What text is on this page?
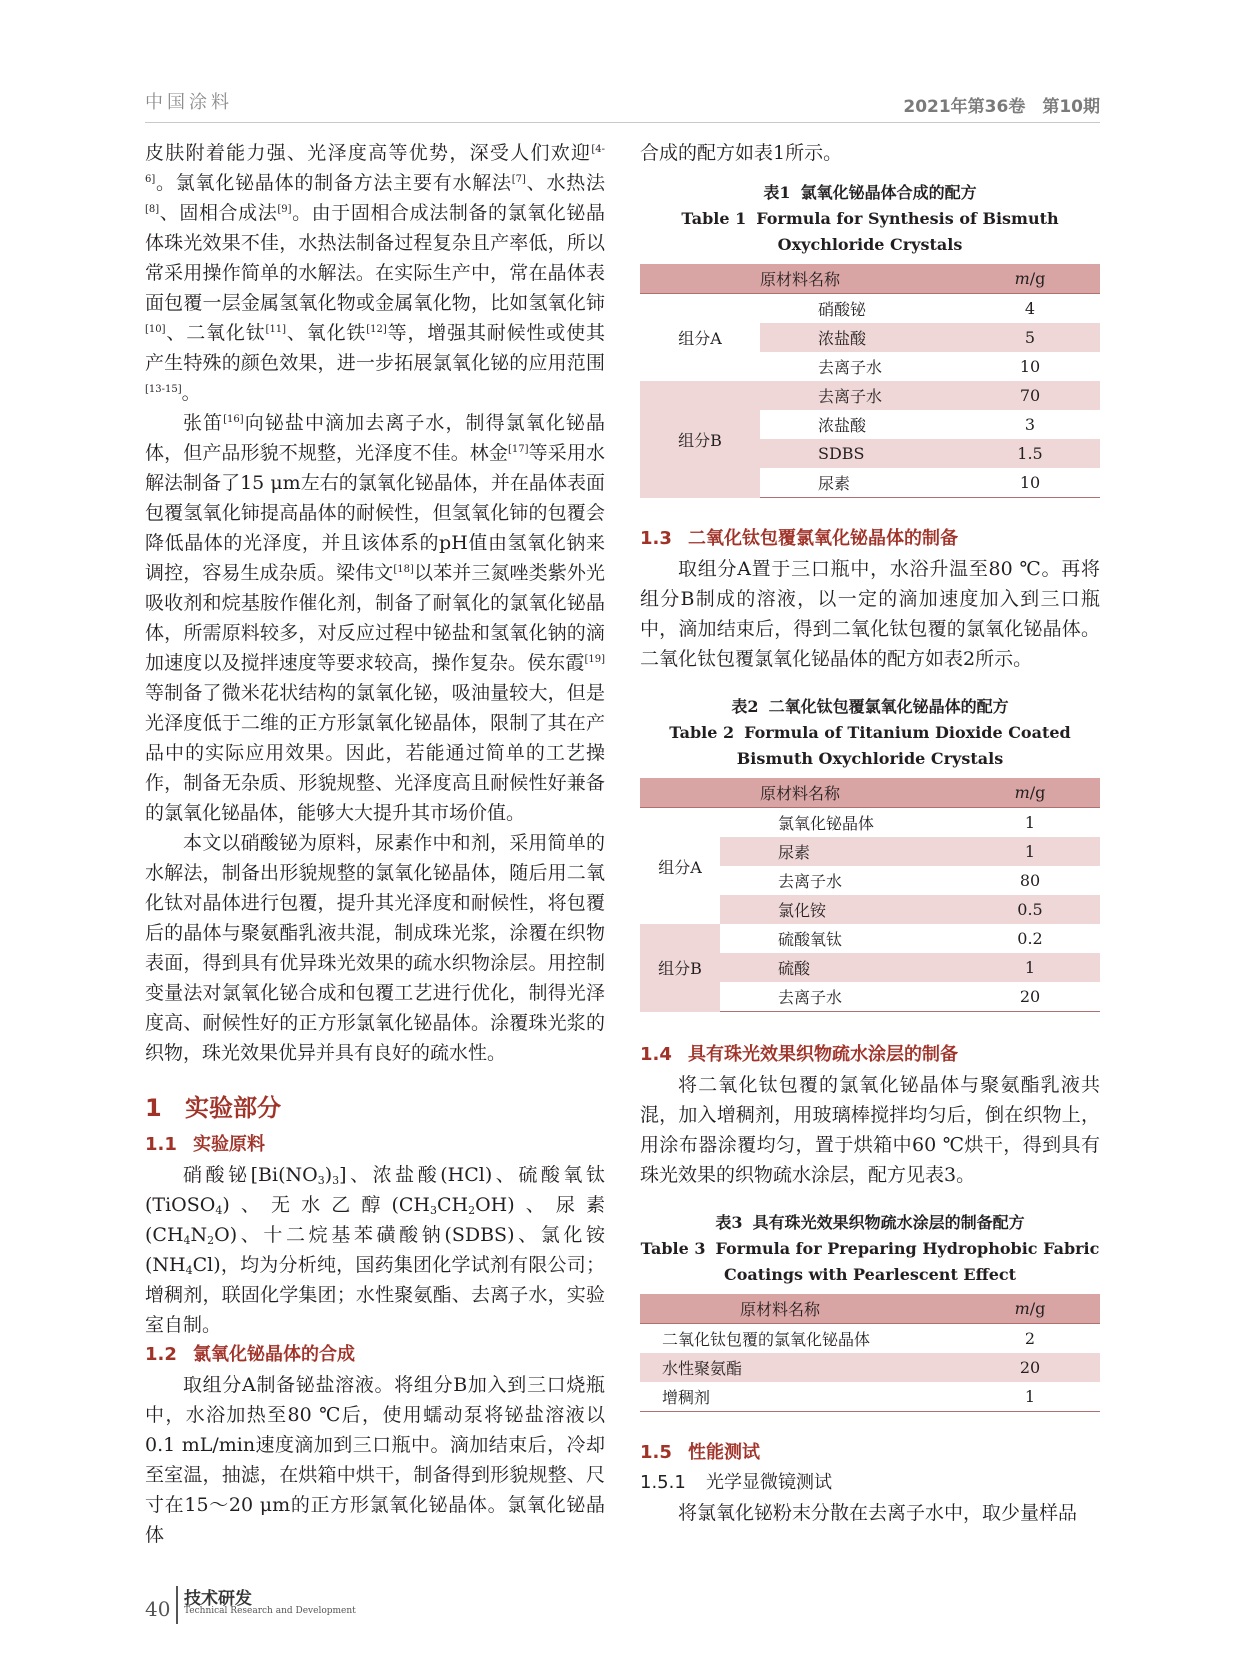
中国涂料	2021年第36卷　第10期

皮肤附着能力强、光泽度高等优势，深受人们欢迎[4-6]。氯氧化铋晶体的制备方法主要有水解法[7]、水热法[8]、固相合成法[9]。由于固相合成法制备的氯氧化铋晶体珠光效果不佳，水热法制备过程复杂且产率低，所以常采用操作简单的水解法。在实际生产中，常在晶体表面包覆一层金属氢氧化物或金属氧化物，比如氢氧化铈[10]、二氧化钛[11]、氧化铁[12]等，增强其耐候性或使其产生特殊的颜色效果，进一步拓展氯氧化铋的应用范围[13-15]。

张笛[16]向铋盐中滴加去离子水，制得氯氧化铋晶体，但产品形貌不规整，光泽度不佳。林金[17]等采用水解法制备了15 μm左右的氯氧化铋晶体，并在晶体表面包覆氢氧化铈提高晶体的耐候性，但氢氧化铈的包覆会降低晶体的光泽度，并且该体系的pH值由氢氧化钠来调控，容易生成杂质。梁伟文[18]以苯并三氮唑类紫外光吸收剂和烷基胺作催化剂，制备了耐氧化的氯氧化铋晶体，所需原料较多，对反应过程中铋盐和氢氧化钠的滴加速度以及搅拌速度等要求较高，操作复杂。侯东霞[19]等制备了微米花状结构的氯氧化铋，吸油量较大，但是光泽度低于二维的正方形氯氧化铋晶体，限制了其在产品中的实际应用效果。因此，若能通过简单的工艺操作，制备无杂质、形貌规整、光泽度高且耐候性好兼备的氯氧化铋晶体，能够大大提升其市场价值。

本文以硝酸铋为原料，尿素作中和剂，采用简单的水解法，制备出形貌规整的氯氧化铋晶体，随后用二氧化钛对晶体进行包覆，提升其光泽度和耐候性，将包覆后的晶体与聚氨酯乳液共混，制成珠光浆，涂覆在织物表面，得到具有优异珠光效果的疏水织物涂层。用控制变量法对氯氧化铋合成和包覆工艺进行优化，制得光泽度高、耐候性好的正方形氯氧化铋晶体。涂覆珠光浆的织物，珠光效果优异并具有良好的疏水性。

1 实验部分
1.1 实验原料

硝酸铋$[Bi(NO_3)_3]$、浓盐酸(HCl)、硫酸氧钛(TiOSO$_4$)、无水乙醇$(CH_3CH_2OH)$、尿素$(CH_4N_2O)$、十二烷基苯磺酸钠(SDBS)、氯化铵$(NH_4Cl)$，均为分析纯，国药集团化学试剂有限公司；增稠剂，联固化学集团；水性聚氨酯、去离子水，实验室自制。

1.2 氯氧化铋晶体的合成

取组分A制备铋盐溶液。将组分B加入到三口烧瓶中，水浴加热至80 ℃后，使用蠕动泵将铋盐溶液以0.1 mL/min速度滴加到三口瓶中。滴加结束后，冷却至室温，抽滤，在烘箱中烘干，制备得到形貌规整、尺寸在15～20 μm的正方形氯氧化铋晶体。氯氧化铋晶体

合成的配方如表1所示。

表1 氯氧化铋晶体合成的配方
Table 1 Formula for Synthesis of Bismuth Oxychloride Crystals
原材料名称		m/g
组分A	硝酸铋	4
	浓盐酸	5
	去离子水	10
组分B	去离子水	70
	浓盐酸	3
	SDBS	1.5
	尿素	10
1.3 二氧化钛包覆氯氧化铋晶体的制备

取组分A置于三口瓶中，水浴升温至80 ℃。再将组分B制成的溶液，以一定的滴加速度加入到三口瓶中，滴加结束后，得到二氧化钛包覆的氯氧化铋晶体。二氧化钛包覆氯氧化铋晶体的配方如表2所示。

表2 二氧化钛包覆氯氧化铋晶体的配方
Table 2 Formula of Titanium Dioxide Coated Bismuth Oxychloride Crystals
原材料名称		m/g
组分A	氯氧化铋晶体	1
	尿素	1
	去离子水	80
	氯化铵	0.5
组分B	硫酸氧钛	0.2
	硫酸	1
	去离子水	20
1.4 具有珠光效果织物疏水涂层的制备

将二氧化钛包覆的氯氧化铋晶体与聚氨酯乳液共混，加入增稠剂，用玻璃棒搅拌均匀后，倒在织物上，用涂布器涂覆均匀，置于烘箱中60 ℃烘干，得到具有珠光效果的织物疏水涂层，配方见表3。

表3 具有珠光效果织物疏水涂层的制备配方
Table 3 Formula for Preparing Hydrophobic Fabric Coatings with Pearlescent Effect
原材料名称	m/g
二氧化钛包覆的氯氧化铋晶体	2
水性聚氨酯	20
增稠剂	1
1.5 性能测试
1.5.1 光学显微镜测试

将氯氧化铋粉末分散在去离子水中，取少量样品

40 技术研发
Technical Research and Development
